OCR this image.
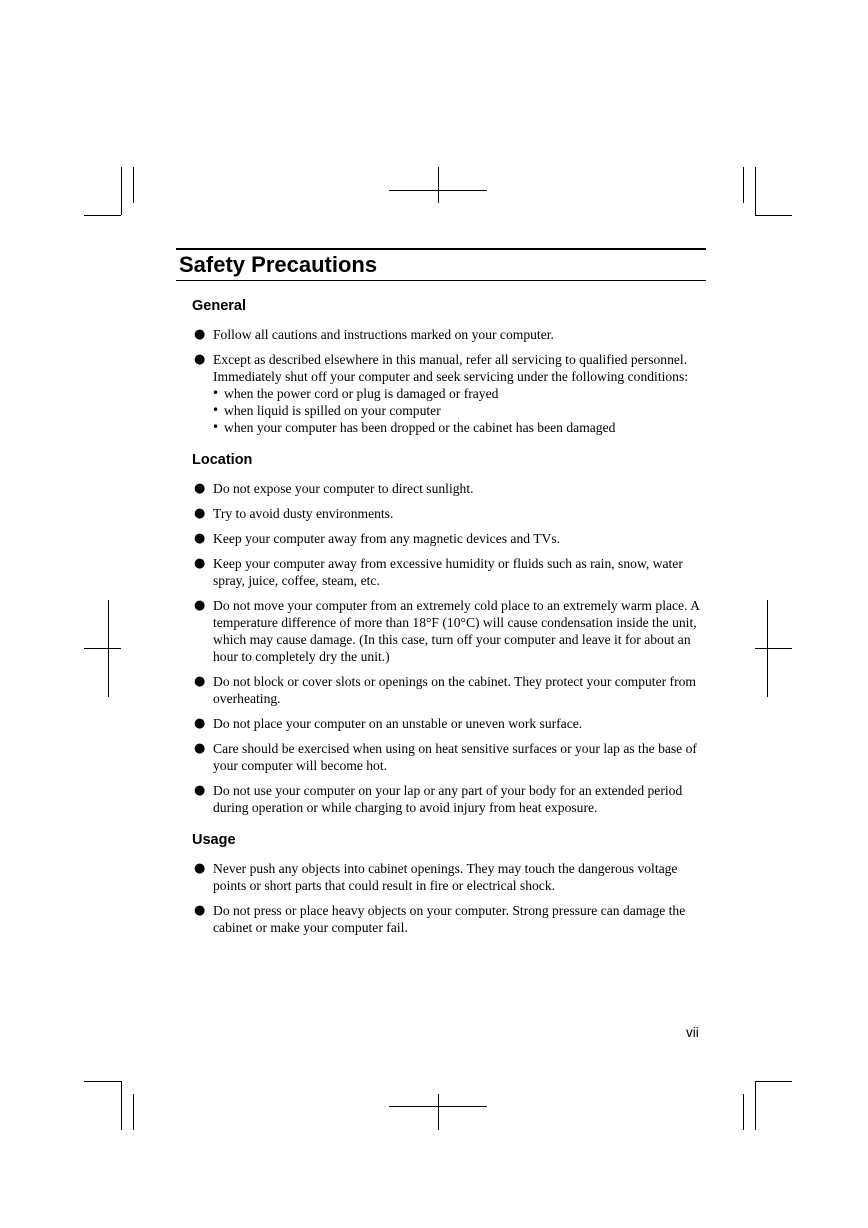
Safety Precautions
General
● Follow all cautions and instructions marked on your computer.
● Except as described elsewhere in this manual, refer all servicing to qualified personnel. Immediately shut off your computer and seek servicing under the following conditions:
• when the power cord or plug is damaged or frayed
• when liquid is spilled on your computer
• when your computer has been dropped or the cabinet has been damaged
Location
● Do not expose your computer to direct sunlight.
● Try to avoid dusty environments.
● Keep your computer away from any magnetic devices and TVs.
● Keep your computer away from excessive humidity or fluids such as rain, snow, water spray, juice, coffee, steam, etc.
● Do not move your computer from an extremely cold place to an extremely warm place. A temperature difference of more than 18°F (10°C) will cause condensation inside the unit, which may cause damage. (In this case, turn off your computer and leave it for about an hour to completely dry the unit.)
● Do not block or cover slots or openings on the cabinet. They protect your computer from overheating.
● Do not place your computer on an unstable or uneven work surface.
● Care should be exercised when using on heat sensitive surfaces or your lap as the base of your computer will become hot.
● Do not use your computer on your lap or any part of your body for an extended period during operation or while charging to avoid injury from heat exposure.
Usage
● Never push any objects into cabinet openings. They may touch the dangerous voltage points or short parts that could result in fire or electrical shock.
● Do not press or place heavy objects on your computer. Strong pressure can damage the cabinet or make your computer fail.
vii
